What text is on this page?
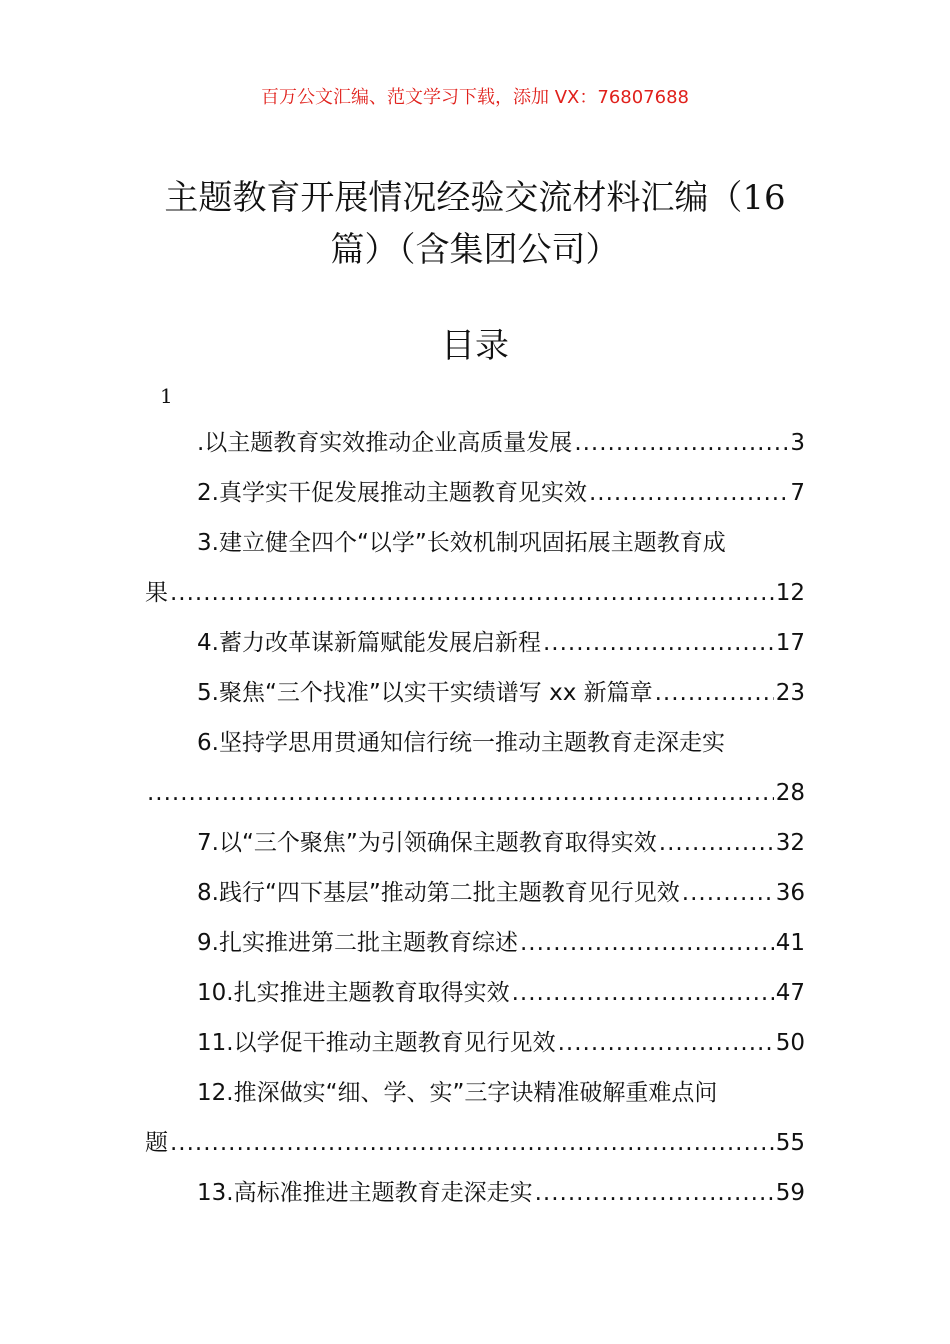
百万公文汇编、范文学习下载，添加 VX：76807688
主题教育开展情况经验交流材料汇编（16
篇）（含集团公司）
目录
1
.以主题教育实效推动企业高质量发展 .....	3
2.真学实干促发展推动主题教育见实效 .....	7
3.建立健全四个“以学”长效机制巩固拓展主题教育成
果 .....	12
4.蓄力改革谋新篇赋能发展启新程 .....	17
5.聚焦“三个找准”以实干实绩谱写 xx 新篇章 .....	23
6.坚持学思用贯通知信行统一推动主题教育走深走实
.....
28
7.以“三个聚焦”为引领确保主题教育取得实效 .....	32
8.践行“四下基层”推动第二批主题教育见行见效 .....	36
9.扎实推进第二批主题教育综述 .....	41
10.扎实推进主题教育取得实效 .....	47
11.以学促干推动主题教育见行见效 .....	50
12.推深做实“细、学、实”三字诀精准破解重难点问
题 .....	55
13.高标准推进主题教育走深走实 .....	59
